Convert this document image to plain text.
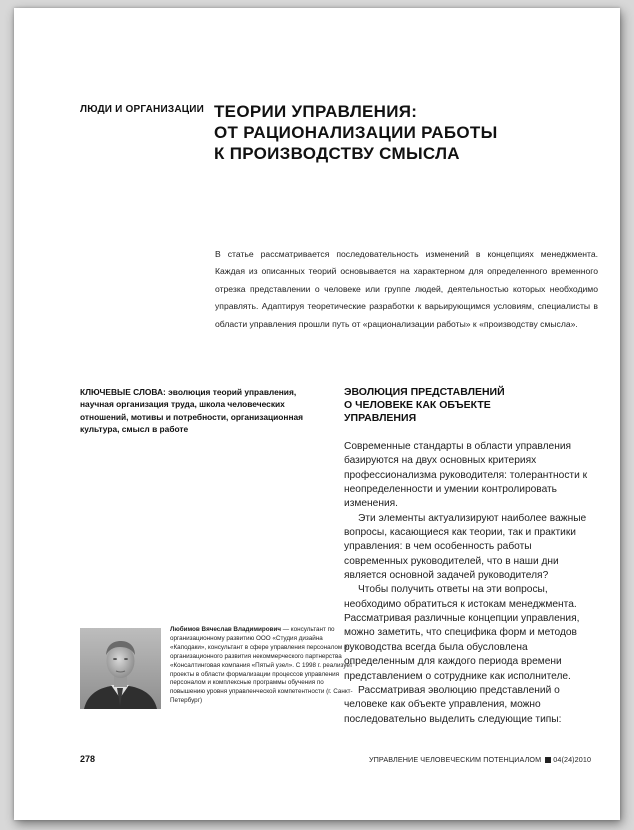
ЛЮДИ И ОРГАНИЗАЦИИ ТЕОРИИ УПРАВЛЕНИЯ:
ОТ РАЦИОНАЛИЗАЦИИ РАБОТЫ
К ПРОИЗВОДСТВУ СМЫСЛА
В статье рассматривается последовательность изменений в концепциях менеджмента. Каждая из описанных теорий основывается на характерном для определенного временного отрезка представлении о человеке или группе людей, деятельностью которых необходимо управлять. Адаптируя теоретические разработки к варьирующимся условиям, специалисты в области управления прошли путь от «рационализации работы» к «производству смысла».
КЛЮЧЕВЫЕ СЛОВА: эволюция теорий управления, научная организация труда, школа человеческих отношений, мотивы и потребности, организационная культура, смысл в работе
ЭВОЛЮЦИЯ ПРЕДСТАВЛЕНИЙ
О ЧЕЛОВЕКЕ КАК ОБЪЕКТЕ
УПРАВЛЕНИЯ

Современные стандарты в области управления базируются на двух основных критериях профессионализма руководителя: толерантности к неопределенности и умении контролировать изменения.

Эти элементы актуализируют наиболее важные вопросы, касающиеся как теории, так и практики управления: в чем особенность работы современных руководителей, что в наши дни является основной задачей руководителя?

Чтобы получить ответы на эти вопросы, необходимо обратиться к истокам менеджмента. Рассматривая различные концепции управления, можно заметить, что специфика форм и методов руководства всегда была обусловлена определенным для каждого периода времени представлением о сотруднике как исполнителе.

Рассматривая эволюцию представлений о человеке как объекте управления, можно последовательно выделить следующие типы:

Любимов Вячеслав Владимирович — консультант по организационному развитию ООО «Студия дизайна «Каподаки», консультант в сфере управления персоналом и организационного развития некоммерческого партнерства «Консалтинговая компания «Пятый узел». С 1998 г. реализует проекты в области формализации процессов управления персоналом и комплексные программы обучения по повышению уровня управленческой компетентности (г. Санкт-Петербург)
278	УПРАВЛЕНИЕ ЧЕЛОВЕЧЕСКИМ ПОТЕНЦИАЛОМ 04(24)2010
